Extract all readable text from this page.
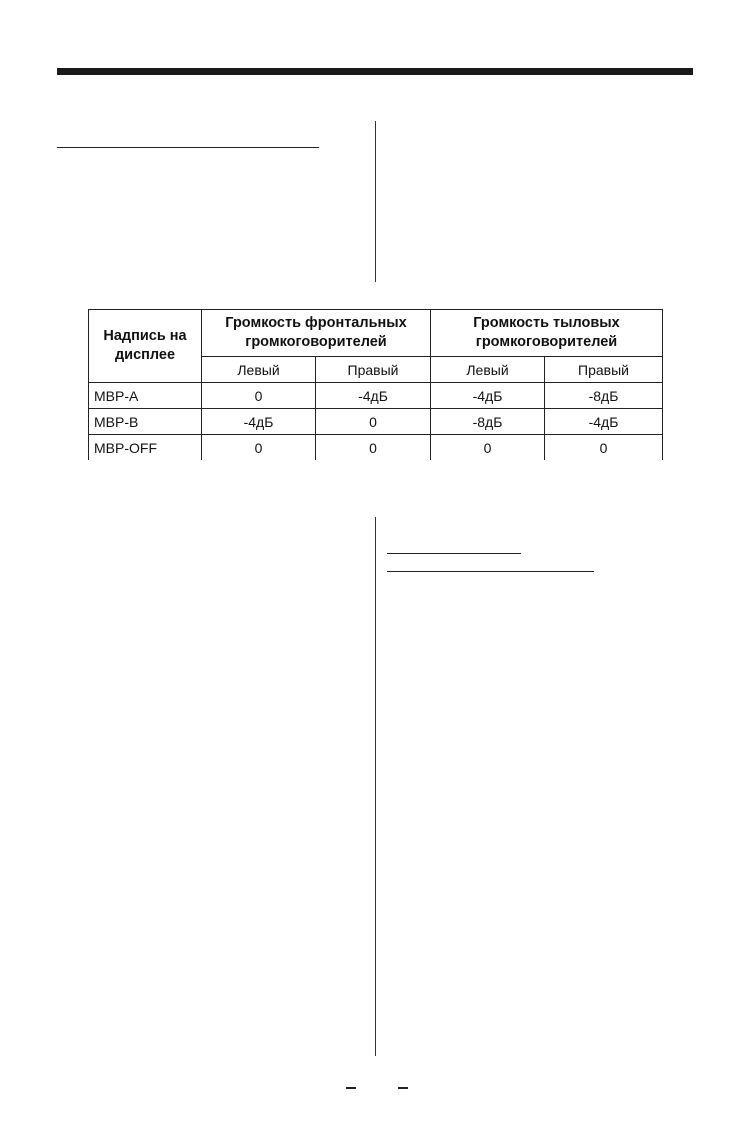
Надпись на дисплее	Громкость фронтальных громкоговорителей		Громкость тыловых громкоговорителей	
	Левый	Правый	Левый	Правый
MBP-A	0	-4дБ	-4дБ	-8дБ
MBP-B	-4дБ	0	-8дБ	-4дБ
MBP-OFF	0	0	0	0
